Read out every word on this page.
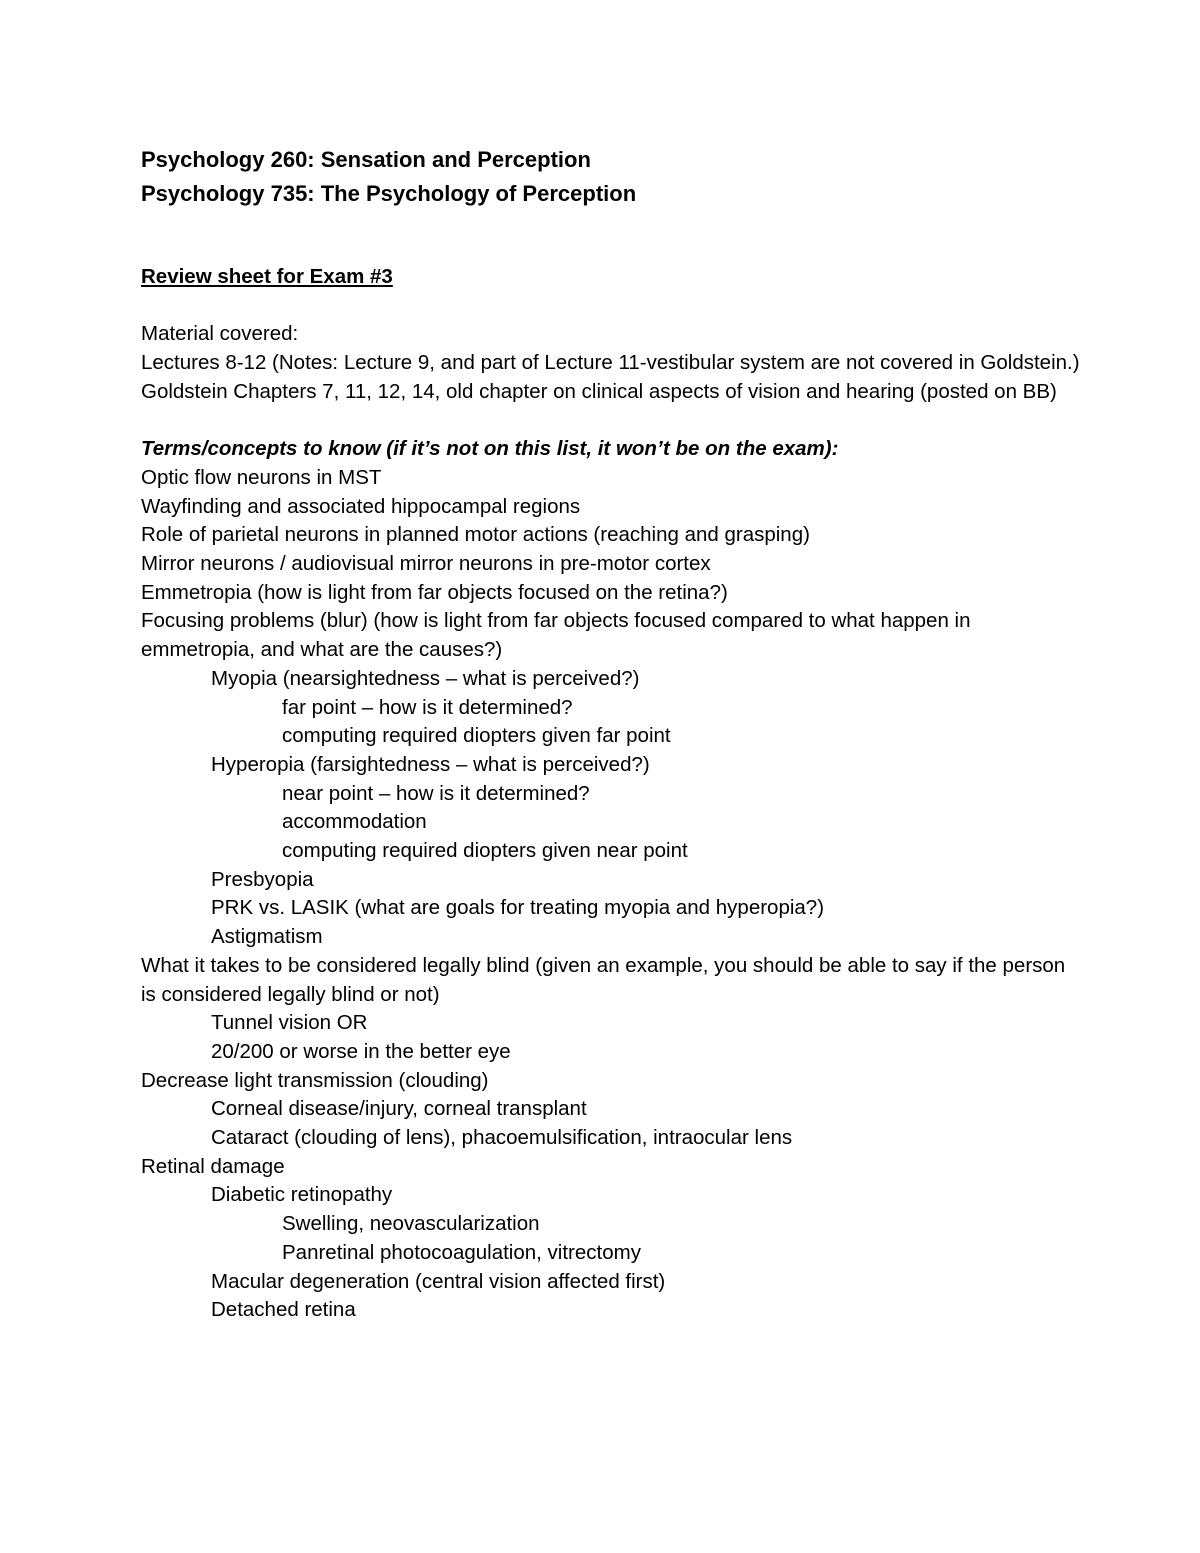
Psychology 260: Sensation and Perception

Psychology 735: The Psychology of Perception

Review sheet for Exam #3

Material covered:

Lectures 8-12 (Notes: Lecture 9, and part of Lecture 11-vestibular system are not covered in Goldstein.)

Goldstein Chapters 7, 11, 12, 14, old chapter on clinical aspects of vision and hearing (posted on BB)

Terms/concepts to know (if it’s not on this list, it won’t be on the exam):

Optic flow neurons in MST
Wayfinding and associated hippocampal regions
Role of parietal neurons in planned motor actions (reaching and grasping)
Mirror neurons / audiovisual mirror neurons in pre-motor cortex
Emmetropia (how is light from far objects focused on the retina?)
Focusing problems (blur) (how is light from far objects focused compared to what happen in emmetropia, and what are the causes?)
Myopia (nearsightedness – what is perceived?)
far point – how is it determined?
computing required diopters given far point
Hyperopia (farsightedness – what is perceived?)
near point – how is it determined?
accommodation
computing required diopters given near point
Presbyopia
PRK vs. LASIK (what are goals for treating myopia and hyperopia?)
Astigmatism
What it takes to be considered legally blind (given an example, you should be able to say if the person is considered legally blind or not)
Tunnel vision OR
20/200 or worse in the better eye
Decrease light transmission (clouding)
Corneal disease/injury, corneal transplant
Cataract (clouding of lens), phacoemulsification, intraocular lens
Retinal damage
Diabetic retinopathy
Swelling, neovascularization
Panretinal photocoagulation, vitrectomy
Macular degeneration (central vision affected first)
Detached retina
